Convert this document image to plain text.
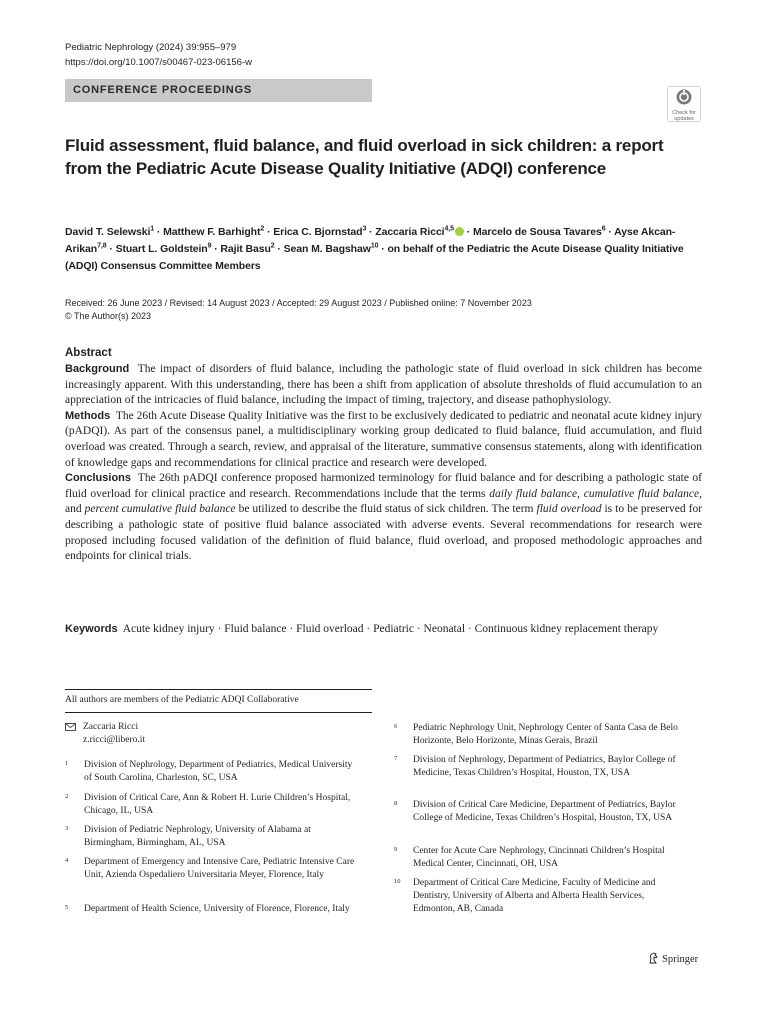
Pediatric Nephrology (2024) 39:955–979
https://doi.org/10.1007/s00467-023-06156-w
CONFERENCE PROCEEDINGS
Check for
updates
Fluid assessment, fluid balance, and fluid overload in sick children: a report from the Pediatric Acute Disease Quality Initiative (ADQI) conference
David T. Selewski$^1$ · Matthew F. Barhight$^2$ · Erica C. Bjornstad$^3$ · Zaccaria Ricci$^{4,5}$ · Marcelo de Sousa Tavares$^6$ · Ayse Akcan-Arikan$^{7,8}$ · Stuart L. Goldstein$^9$ · Rajit Basu$^2$ · Sean M. Bagshaw$^{10}$ · on behalf of the Pediatric the Acute Disease Quality Initiative (ADQI) Consensus Committee Members
Received: 26 June 2023 / Revised: 14 August 2023 / Accepted: 29 August 2023 / Published online: 7 November 2023
© The Author(s) 2023
Abstract

Background The impact of disorders of fluid balance, including the pathologic state of fluid overload in sick children has become increasingly apparent. With this understanding, there has been a shift from application of absolute thresholds of fluid accumulation to an appreciation of the intricacies of fluid balance, including the impact of timing, trajectory, and disease pathophysiology.

Methods The 26th Acute Disease Quality Initiative was the first to be exclusively dedicated to pediatric and neonatal acute kidney injury (pADQI). As part of the consensus panel, a multidisciplinary working group dedicated to fluid balance, fluid accumulation, and fluid overload was created. Through a search, review, and appraisal of the literature, summative consensus statements, along with identification of knowledge gaps and recommendations for clinical practice and research were developed.

Conclusions The 26th pADQI conference proposed harmonized terminology for fluid balance and for describing a pathologic state of fluid overload for clinical practice and research. Recommendations include that the terms daily fluid balance, cumulative fluid balance, and percent cumulative fluid balance be utilized to describe the fluid status of sick children. The term fluid overload is to be preserved for describing a pathologic state of positive fluid balance associated with adverse events. Several recommendations for research were proposed including focused validation of the definition of fluid balance, fluid overload, and proposed methodologic approaches and endpoints for clinical trials.

Keywords Acute kidney injury · Fluid balance · Fluid overload · Pediatric · Neonatal · Continuous kidney replacement therapy
All authors are members of the Pediatric ADQI Collaborative
Zaccaria Ricci
z.ricci@libero.it
1 Division of Nephrology, Department of Pediatrics, Medical University of South Carolina, Charleston, SC, USA
2 Division of Critical Care, Ann & Robert H. Lurie Children’s Hospital, Chicago, IL, USA
3 Division of Pediatric Nephrology, University of Alabama at Birmingham, Birmingham, AL, USA
4 Department of Emergency and Intensive Care, Pediatric Intensive Care Unit, Azienda Ospedaliero Universitaria Meyer, Florence, Italy
5 Department of Health Science, University of Florence, Florence, Italy
6 Pediatric Nephrology Unit, Nephrology Center of Santa Casa de Belo Horizonte, Belo Horizonte, Minas Gerais, Brazil
7 Division of Nephrology, Department of Pediatrics, Baylor College of Medicine, Texas Children’s Hospital, Houston, TX, USA
8 Division of Critical Care Medicine, Department of Pediatrics, Baylor College of Medicine, Texas Children’s Hospital, Houston, TX, USA
9 Center for Acute Care Nephrology, Cincinnati Children’s Hospital Medical Center, Cincinnati, OH, USA
10 Department of Critical Care Medicine, Faculty of Medicine and Dentistry, University of Alberta and Alberta Health Services, Edmonton, AB, Canada
Springer
